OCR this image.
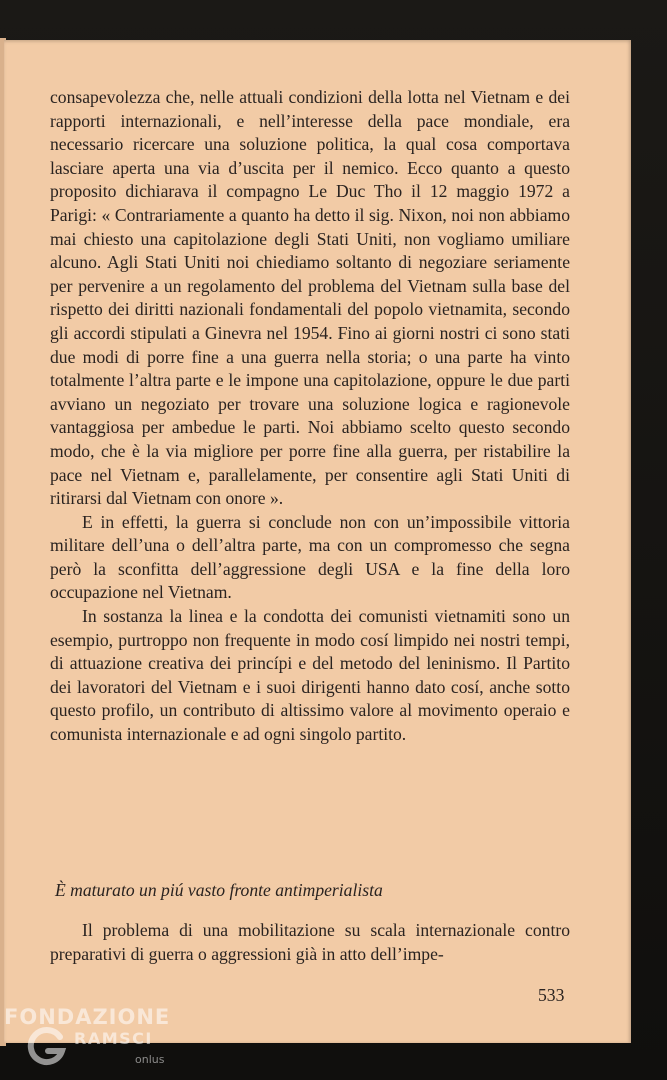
consapevolezza che, nelle attuali condizioni della lotta nel Vietnam e dei rapporti internazionali, e nell’interesse della pace mondiale, era necessario ricercare una soluzione politica, la qual cosa comportava lasciare aperta una via d’uscita per il nemico. Ecco quanto a questo proposito dichiarava il compagno Le Duc Tho il 12 maggio 1972 a Parigi: « Contrariamente a quanto ha detto il sig. Nixon, noi non abbiamo mai chiesto una capitolazione degli Stati Uniti, non vogliamo umiliare alcuno. Agli Stati Uniti noi chiediamo soltanto di negoziare seriamente per pervenire a un regolamento del problema del Vietnam sulla base del rispetto dei diritti nazionali fondamentali del popolo vietnamita, secondo gli accordi stipulati a Ginevra nel 1954. Fino ai giorni nostri ci sono stati due modi di porre fine a una guerra nella storia; o una parte ha vinto totalmente l’altra parte e le impone una capitolazione, oppure le due parti avviano un negoziato per trovare una soluzione logica e ragionevole vantaggiosa per ambedue le parti. Noi abbiamo scelto questo secondo modo, che è la via migliore per porre fine alla guerra, per ristabilire la pace nel Vietnam e, parallelamente, per consentire agli Stati Uniti di ritirarsi dal Vietnam con onore ».

E in effetti, la guerra si conclude non con un’impossibile vittoria militare dell’una o dell’altra parte, ma con un compromesso che segna però la sconfitta dell’aggressione degli USA e la fine della loro occupazione nel Vietnam.

In sostanza la linea e la condotta dei comunisti vietnamiti sono un esempio, purtroppo non frequente in modo cosí limpido nei nostri tempi, di attuazione creativa dei princípi e del metodo del leninismo. Il Partito dei lavoratori del Vietnam e i suoi dirigenti hanno dato cosí, anche sotto questo profilo, un contributo di altissimo valore al movimento operaio e comunista internazionale e ad ogni singolo partito.

È maturato un piú vasto fronte antimperialista

Il problema di una mobilitazione su scala internazionale contro preparativi di guerra o aggressioni già in atto dell’impe-

533
FONDAZIONE
RAMSCI
onlus
